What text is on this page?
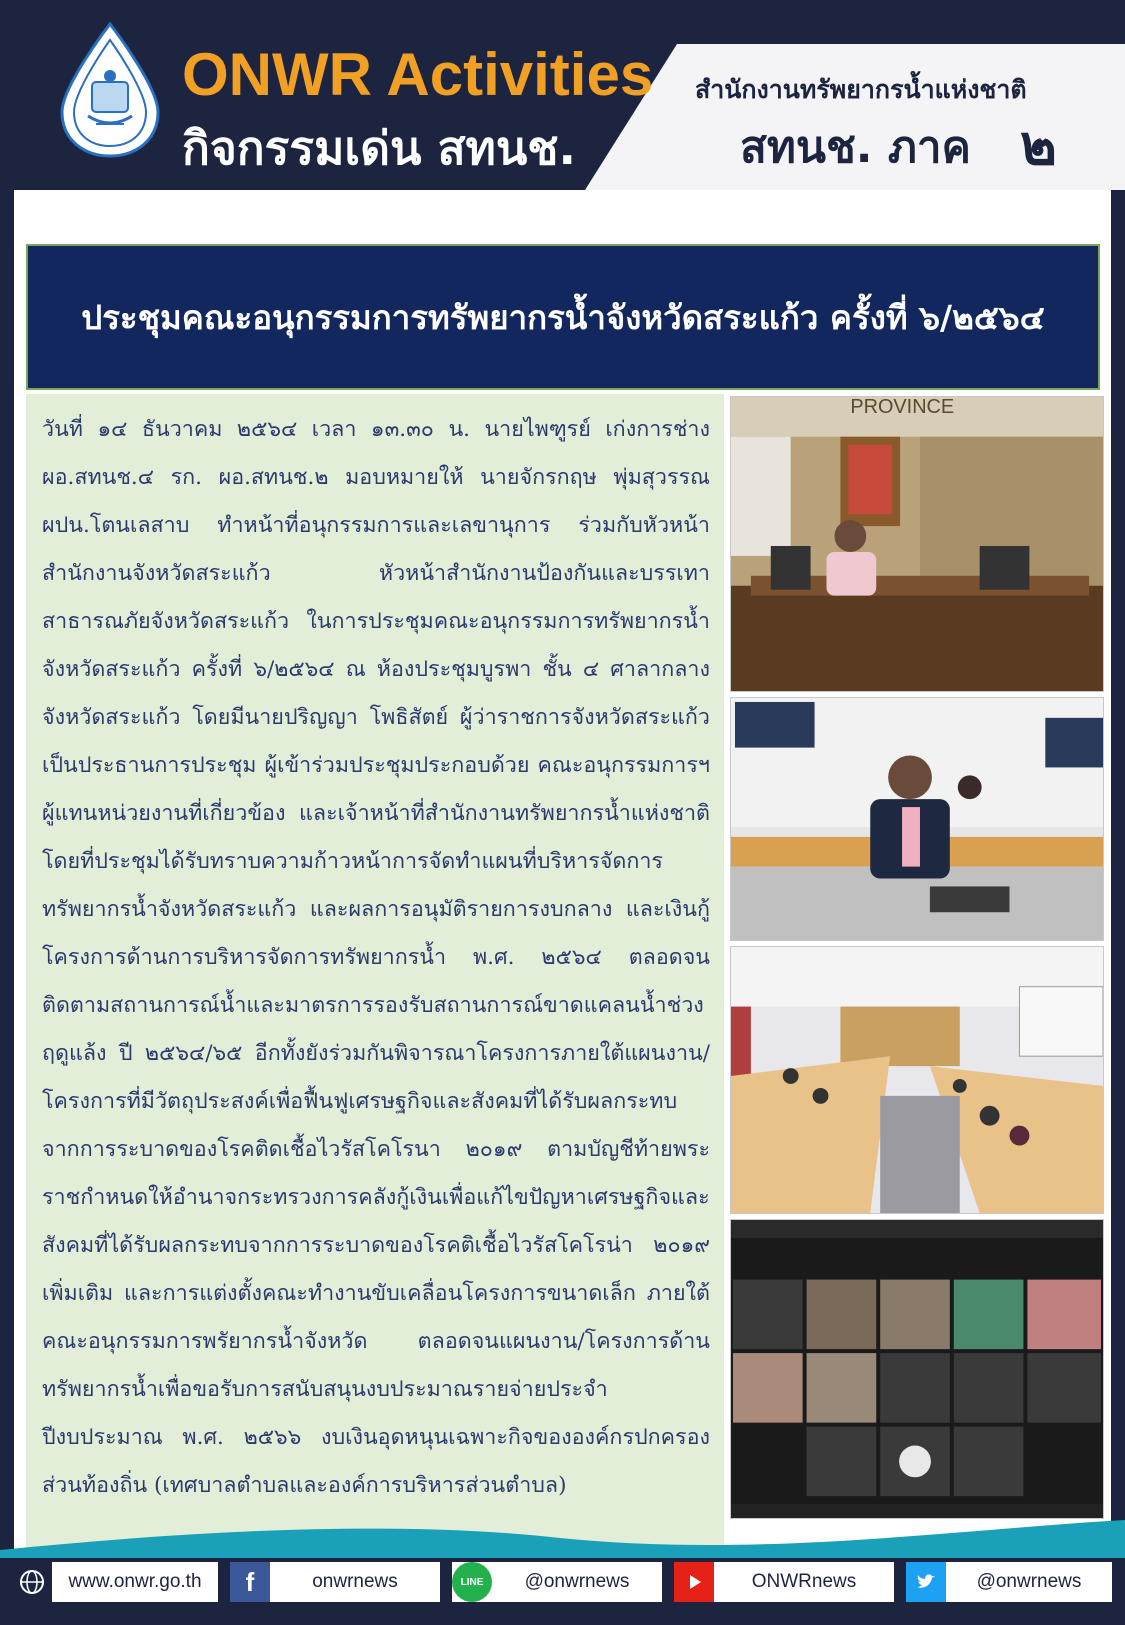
ONWR Activities
กิจกรรมเด่น สทนช.
สำนักงานทรัพยากรน้ำแห่งชาติ
สทนช. ภาค ๒
ประชุมคณะอนุกรรมการทรัพยากรน้ำจังหวัดสระแก้ว ครั้งที่ ๖/๒๕๖๔

วันที่ ๑๔ ธันวาคม ๒๕๖๔ เวลา ๑๓.๓๐ น. นายไพฑูรย์ เก่งการช่าง ผอ.สทนช.๔ รก. ผอ.สทนช.๒ มอบหมายให้ นายจักรกฤษ พุ่มสุวรรณ ผปน.โตนเลสาบ ทำหน้าที่อนุกรรมการและเลขานุการ ร่วมกับหัวหน้าสำนักงานจังหวัดสระแก้ว หัวหน้าสำนักงานป้องกันและบรรเทาสาธารณภัยจังหวัดสระแก้ว ในการประชุมคณะอนุกรรมการทรัพยากรน้ำจังหวัดสระแก้ว ครั้งที่ ๖/๒๕๖๔ ณ ห้องประชุมบูรพา ชั้น ๔ ศาลากลางจังหวัดสระแก้ว โดยมีนายปริญญา โพธิสัตย์ ผู้ว่าราชการจังหวัดสระแก้ว เป็นประธานการประชุม ผู้เข้าร่วมประชุมประกอบด้วย คณะอนุกรรมการฯ ผู้แทนหน่วยงานที่เกี่ยวข้อง และเจ้าหน้าที่สำนักงานทรัพยากรน้ำแห่งชาติ โดยที่ประชุมได้รับทราบความก้าวหน้าการจัดทำแผนที่บริหารจัดการทรัพยากรน้ำจังหวัดสระแก้ว และผลการอนุมัติรายการงบกลาง และเงินกู้โครงการด้านการบริหารจัดการทรัพยากรน้ำ พ.ศ. ๒๕๖๔ ตลอดจนติดตามสถานการณ์น้ำและมาตรการรองรับสถานการณ์ขาดแคลนน้ำช่วงฤดูแล้ง ปี ๒๕๖๔/๖๕ อีกทั้งยังร่วมกันพิจารณาโครงการภายใต้แผนงาน/โครงการที่มีวัตถุประสงค์เพื่อฟื้นฟูเศรษฐกิจและสังคมที่ได้รับผลกระทบจากการระบาดของโรคติดเชื้อไวรัสโคโรนา ๒๐๑๙ ตามบัญชีท้ายพระราชกำหนดให้อำนาจกระทรวงการคลังกู้เงินเพื่อแก้ไขปัญหาเศรษฐกิจและสังคมที่ได้รับผลกระทบจากการระบาดของโรคติเชื้อไวรัสโคโรน่า ๒๐๑๙ เพิ่มเติม และการแต่งตั้งคณะทำงานขับเคลื่อนโครงการขนาดเล็ก ภายใต้คณะอนุกรรมการพรัยากรน้ำจังหวัด ตลอดจนแผนงาน/โครงการด้านทรัพยากรน้ำเพื่อขอรับการสนับสนุนงบประมาณรายจ่ายประจำปีงบประมาณ พ.ศ. ๒๕๖๖ งบเงินอุดหนุนเฉพาะกิจขององค์กรปกครองส่วนท้องถิ่น (เทศบาลตำบลและองค์การบริหารส่วนตำบล)

PROVINCE
www.onwr.go.th	f	onwrnews	LINE	@onwrnews	ONWRnews	@onwrnews
